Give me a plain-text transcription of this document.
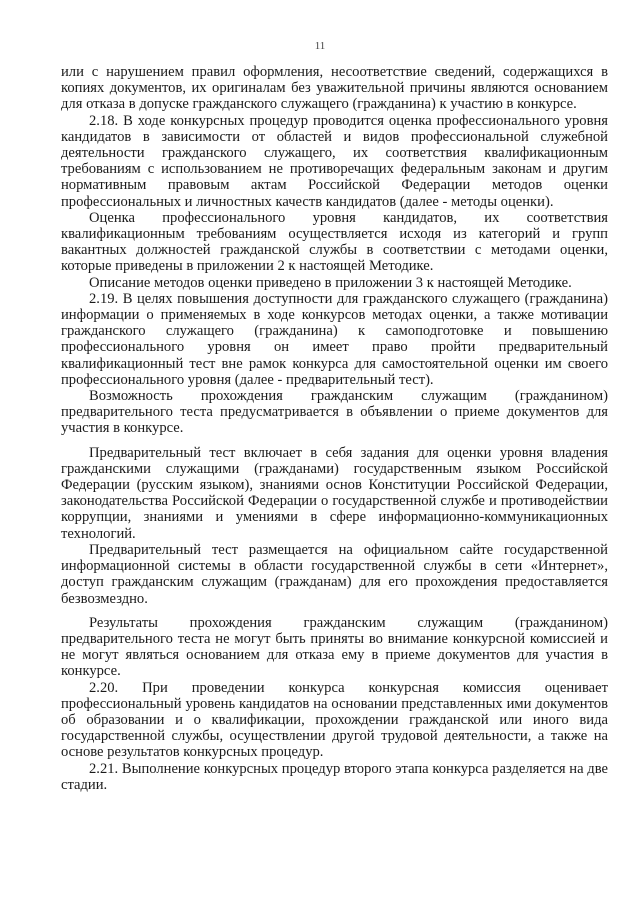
11

или с нарушением правил оформления, несоответствие сведений, содержащихся в копиях документов, их оригиналам без уважительной причины являются основанием для отказа в допуске гражданского служащего (гражданина) к участию в конкурсе.

2.18. В ходе конкурсных процедур проводится оценка профессионального уровня кандидатов в зависимости от областей и видов профессиональной служебной деятельности гражданского служащего, их соответствия квалификационным требованиям с использованием не противоречащих федеральным законам и другим нормативным правовым актам Российской Федерации методов оценки профессиональных и личностных качеств кандидатов (далее - методы оценки).

Оценка профессионального уровня кандидатов, их соответствия квалификационным требованиям осуществляется исходя из категорий и групп вакантных должностей гражданской службы в соответствии с методами оценки, которые приведены в приложении 2 к настоящей Методике.

Описание методов оценки приведено в приложении 3 к настоящей Методике.

2.19. В целях повышения доступности для гражданского служащего (гражданина) информации о применяемых в ходе конкурсов методах оценки, а также мотивации гражданского служащего (гражданина) к самоподготовке и повышению профессионального уровня он имеет право пройти предварительный квалификационный тест вне рамок конкурса для самостоятельной оценки им своего профессионального уровня (далее - предварительный тест).

Возможность прохождения гражданским служащим (гражданином) предварительного теста предусматривается в объявлении о приеме документов для участия в конкурсе.

Предварительный тест включает в себя задания для оценки уровня владения гражданскими служащими (гражданами) государственным языком Российской Федерации (русским языком), знаниями основ Конституции Российской Федерации, законодательства Российской Федерации о государственной службе и противодействии коррупции, знаниями и умениями в сфере информационно-коммуникационных технологий.

Предварительный тест размещается на официальном сайте государственной информационной системы в области государственной службы в сети «Интернет», доступ гражданским служащим (гражданам) для его прохождения предоставляется безвозмездно.

Результаты прохождения гражданским служащим (гражданином) предварительного теста не могут быть приняты во внимание конкурсной комиссией и не могут являться основанием для отказа ему в приеме документов для участия в конкурсе.

2.20. При проведении конкурса конкурсная комиссия оценивает профессиональный уровень кандидатов на основании представленных ими документов об образовании и о квалификации, прохождении гражданской или иного вида государственной службы, осуществлении другой трудовой деятельности, а также на основе результатов конкурсных процедур.

2.21. Выполнение конкурсных процедур второго этапа конкурса разделяется на две стадии.
